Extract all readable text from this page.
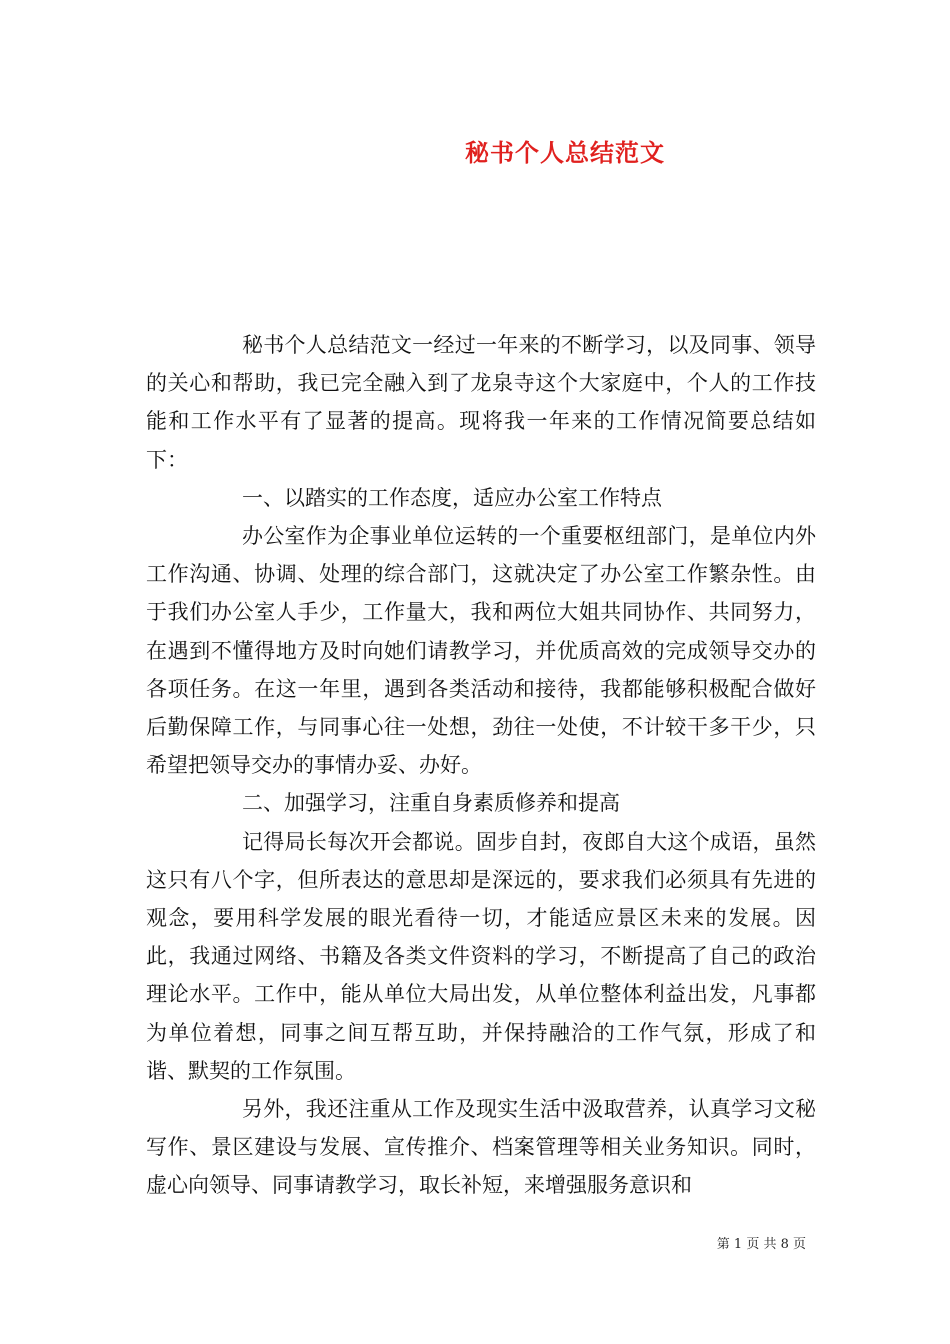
秘书个人总结范文

秘书个人总结范文一经过一年来的不断学习，以及同事、领导的关心和帮助，我已完全融入到了龙泉寺这个大家庭中，个人的工作技能和工作水平有了显著的提高。现将我一年来的工作情况简要总结如下：

一、以踏实的工作态度，适应办公室工作特点

办公室作为企事业单位运转的一个重要枢纽部门，是单位内外工作沟通、协调、处理的综合部门，这就决定了办公室工作繁杂性。由于我们办公室人手少，工作量大，我和两位大姐共同协作、共同努力，在遇到不懂得地方及时向她们请教学习，并优质高效的完成领导交办的各项任务。在这一年里，遇到各类活动和接待，我都能够积极配合做好后勤保障工作，与同事心往一处想，劲往一处使，不计较干多干少，只希望把领导交办的事情办妥、办好。

二、加强学习，注重自身素质修养和提高

记得局长每次开会都说。固步自封，夜郎自大这个成语，虽然这只有八个字，但所表达的意思却是深远的，要求我们必须具有先进的观念，要用科学发展的眼光看待一切，才能适应景区未来的发展。因此，我通过网络、书籍及各类文件资料的学习，不断提高了自己的政治理论水平。工作中，能从单位大局出发，从单位整体利益出发，凡事都为单位着想，同事之间互帮互助，并保持融洽的工作气氛，形成了和谐、默契的工作氛围。

另外，我还注重从工作及现实生活中汲取营养，认真学习文秘写作、景区建设与发展、宣传推介、档案管理等相关业务知识。同时，虚心向领导、同事请教学习，取长补短，来增强服务意识和

第 1 页 共 8 页
